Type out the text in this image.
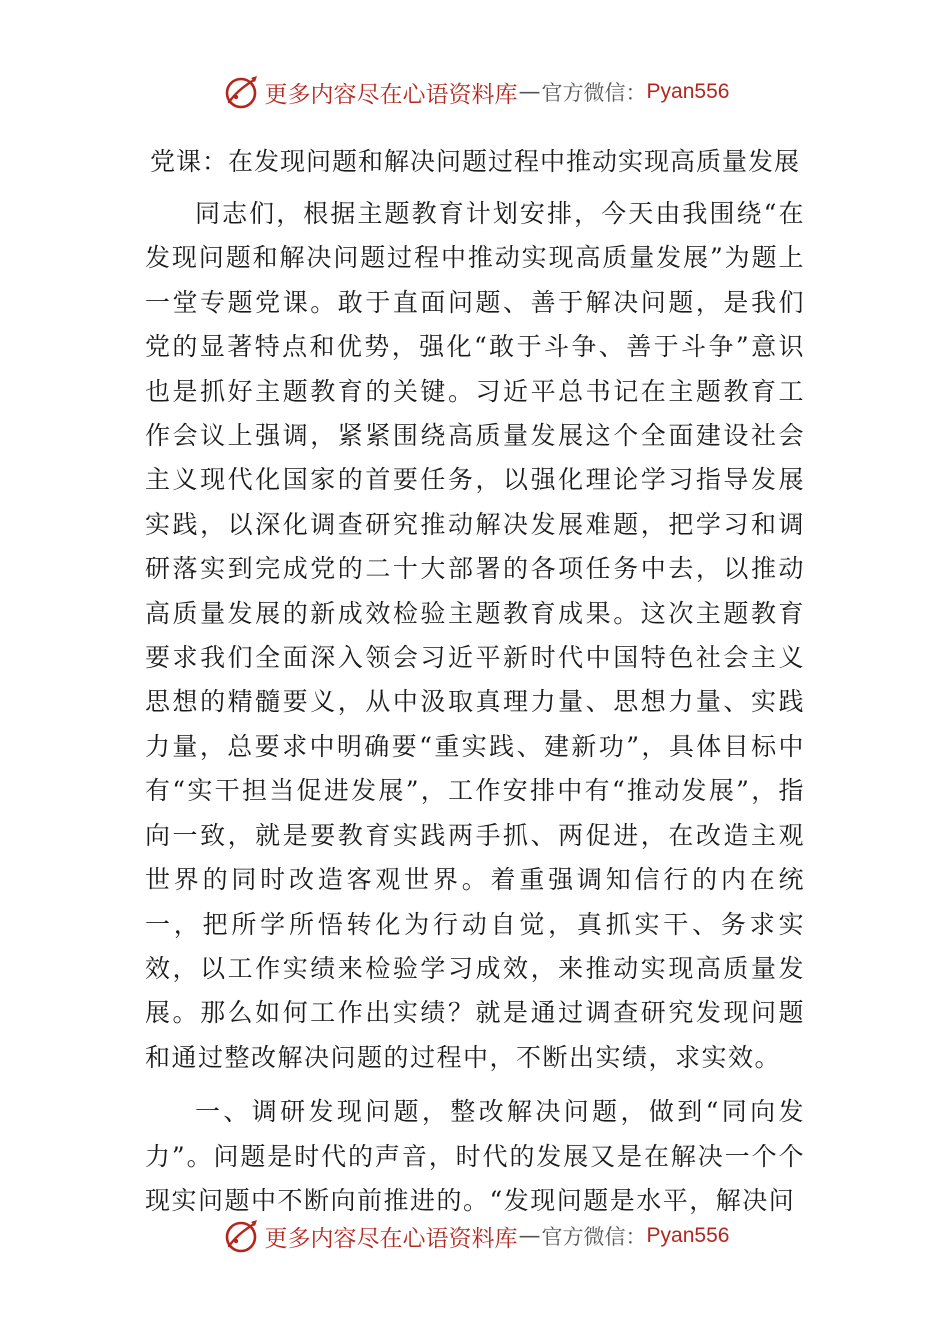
更多内容尽在心语资料库 — 官方微信： Pyan556
党课：在发现问题和解决问题过程中推动实现高质量发展

同志们，根据主题教育计划安排，今天由我围绕“在发现问题和解决问题过程中推动实现高质量发展”为题上一堂专题党课。敢于直面问题、善于解决问题，是我们党的显著特点和优势，强化“敢于斗争、善于斗争”意识也是抓好主题教育的关键。习近平总书记在主题教育工作会议上强调，紧紧围绕高质量发展这个全面建设社会主义现代化国家的首要任务，以强化理论学习指导发展实践，以深化调查研究推动解决发展难题，把学习和调研落实到完成党的二十大部署的各项任务中去，以推动高质量发展的新成效检验主题教育成果。这次主题教育要求我们全面深入领会习近平新时代中国特色社会主义思想的精髓要义，从中汲取真理力量、思想力量、实践力量，总要求中明确要“重实践、建新功”，具体目标中有“实干担当促进发展”，工作安排中有“推动发展”，指向一致，就是要教育实践两手抓、两促进，在改造主观世界的同时改造客观世界。着重强调知信行的内在统一，把所学所悟转化为行动自觉，真抓实干、务求实效，以工作实绩来检验学习成效，来推动实现高质量发展。那么如何工作出实绩？就是通过调查研究发现问题和通过整改解决问题的过程中，不断出实绩，求实效。

一、调研发现问题，整改解决问题，做到“同向发力”。问题是时代的声音，时代的发展又是在解决一个个现实问题中不断向前推进的。“发现问题是水平，解决问

更多内容尽在心语资料库 — 官方微信： Pyan556
